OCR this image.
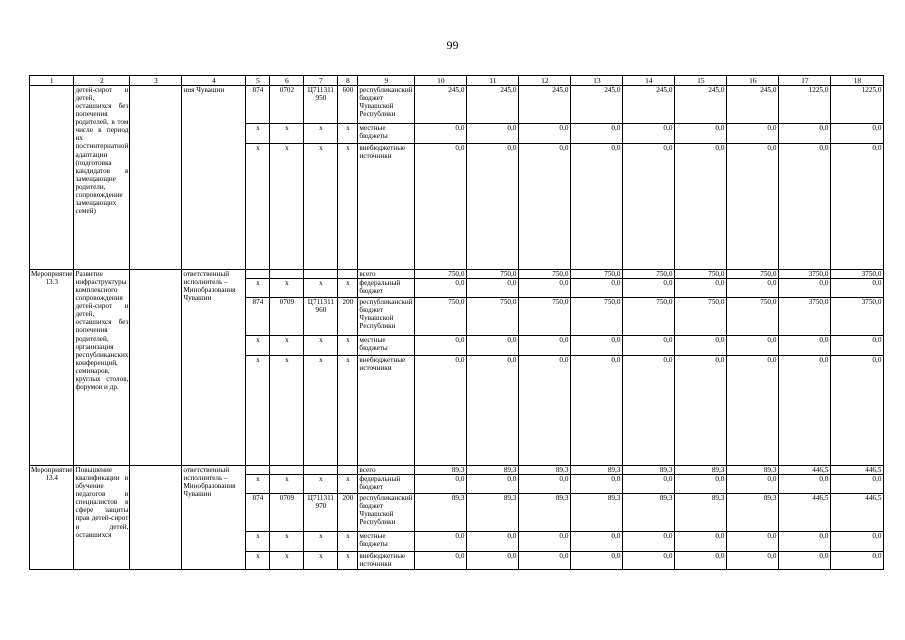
99
1	2	3	4	5	6	7	8	9	10	11	12	13	14	15	16	17	18
	детей-сирот и детей, оставшихся без попечения родителей, в том числе в период их постинтернатной адаптации (подготовка кандидатов в замещающие родители, сопровождение замещающих семей)		ния Чувашии	874	0702	Ц711311 950	600	республиканский бюджет Чувашской Республики	245,0	245,0	245,0	245,0	245,0	245,0	245,0	1225,0	1225,0
				x	x	x	x	местные бюджеты	0,0	0,0	0,0	0,0	0,0	0,0	0,0	0,0	0,0
				x	x	x	x	внебюджетные источники	0,0	0,0	0,0	0,0	0,0	0,0	0,0	0,0	0,0
Мероприятие 13.3	Развитие инфраструктуры комплексного сопровождения детей-сирот и детей, оставшихся без попечения родителей, организация республиканских конференций, семинаров, круглых столов, форумов и др.		ответственный исполнитель – Минобразования Чувашии					всего	750,0	750,0	750,0	750,0	750,0	750,0	750,0	3750,0	3750,0
				x	x	x	x	федеральный бюджет	0,0	0,0	0,0	0,0	0,0	0,0	0,0	0,0	0,0
				874	0709	Ц711311 960	200	республиканский бюджет Чувашской Республики	750,0	750,0	750,0	750,0	750,0	750,0	750,0	3750,0	3750,0
				x	x	x	x	местные бюджеты	0,0	0,0	0,0	0,0	0,0	0,0	0,0	0,0	0,0
				x	x	x	x	внебюджетные источники	0,0	0,0	0,0	0,0	0,0	0,0	0,0	0,0	0,0
Мероприятие 13.4	Повышение квалификации и обучение педагогов и специалистов в сфере защиты прав детей-сирот и детей, оставшихся		ответственный исполнитель – Минобразования Чувашии					всего	89,3	89,3	89,3	89,3	89,3	89,3	89,3	446,5	446,5
				x	x	x	x	федеральный бюджет	0,0	0,0	0,0	0,0	0,0	0,0	0,0	0,0	0,0
				874	0709	Ц711311 970	200	республиканский бюджет Чувашской Республики	89,3	89,3	89,3	89,3	89,3	89,3	89,3	446,5	446,5
				x	x	x	x	местные бюджеты	0,0	0,0	0,0	0,0	0,0	0,0	0,0	0,0	0,0
				x	x	x	x	внебюджетные источники	0,0	0,0	0,0	0,0	0,0	0,0	0,0	0,0	0,0
